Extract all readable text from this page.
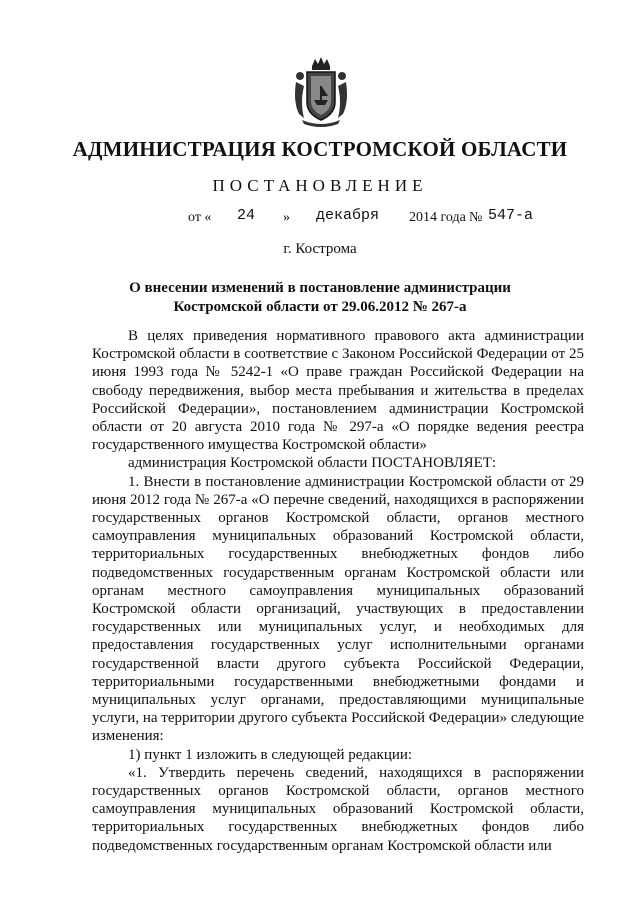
АДМИНИСТРАЦИЯ КОСТРОМСКОЙ ОБЛАСТИ
ПОСТАНОВЛЕНИЕ
от « 24 » декабря 2014 года № 547-а
г. Кострома
О внесении изменений в постановление администрации
Костромской области от 29.06.2012 № 267-а

В целях приведения нормативного правового акта администрации Костромской области в соответствие с Законом Российской Федерации от 25 июня 1993 года № 5242-1 «О праве граждан Российской Федерации на свободу передвижения, выбор места пребывания и жительства в пределах Российской Федерации», постановлением администрации Костромской области от 20 августа 2010 года № 297-а «О порядке ведения реестра государственного имущества Костромской области»

администрация Костромской области ПОСТАНОВЛЯЕТ:

1. Внести в постановление администрации Костромской области от 29 июня 2012 года № 267-а «О перечне сведений, находящихся в распоряжении государственных органов Костромской области, органов местного самоуправления муниципальных образований Костромской области, территориальных государственных внебюджетных фондов либо подведомственных государственным органам Костромской области или органам местного самоуправления муниципальных образований Костромской области организаций, участвующих в предоставлении государственных или муниципальных услуг, и необходимых для предоставления государственных услуг исполнительными органами государственной власти другого субъекта Российской Федерации, территориальными государственными внебюджетными фондами и муниципальных услуг органами, предоставляющими муниципальные услуги, на территории другого субъекта Российской Федерации» следующие изменения:

1) пункт 1 изложить в следующей редакции:

«1. Утвердить перечень сведений, находящихся в распоряжении государственных органов Костромской области, органов местного самоуправления муниципальных образований Костромской области, территориальных государственных внебюджетных фондов либо подведомственных государственным органам Костромской области или
